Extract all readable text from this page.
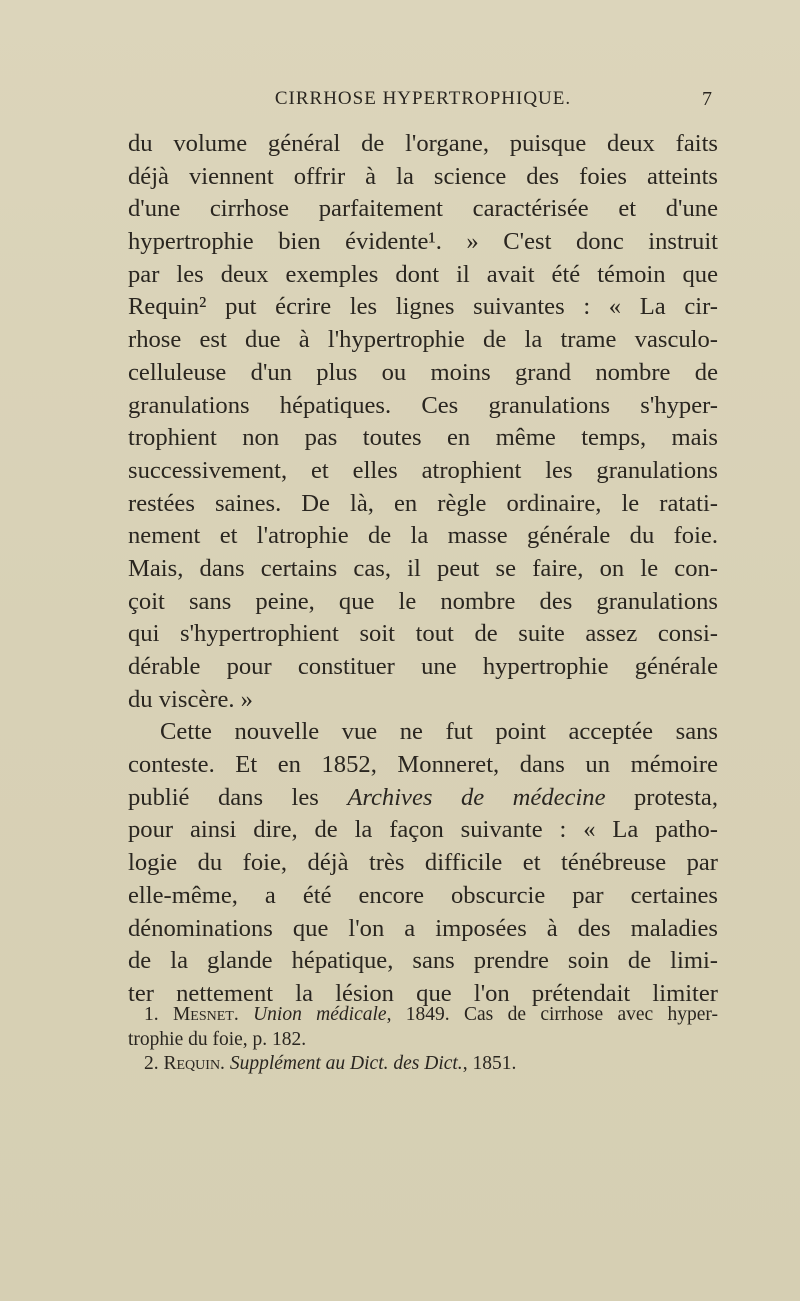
CIRRHOSE HYPERTROPHIQUE.	7
du volume général de l'organe, puisque deux faits
déjà viennent offrir à la science des foies atteints
d'une cirrhose parfaitement caractérisée et d'une
hypertrophie bien évidente¹. » C'est donc instruit
par les deux exemples dont il avait été témoin que
Requin² put écrire les lignes suivantes : « La cir-
rhose est due à l'hypertrophie de la trame vasculo-
celluleuse d'un plus ou moins grand nombre de
granulations hépatiques. Ces granulations s'hyper-
trophient non pas toutes en même temps, mais
successivement, et elles atrophient les granulations
restées saines. De là, en règle ordinaire, le ratati-
nement et l'atrophie de la masse générale du foie.
Mais, dans certains cas, il peut se faire, on le con-
çoit sans peine, que le nombre des granulations
qui s'hypertrophient soit tout de suite assez consi-
dérable pour constituer une hypertrophie générale
du viscère. »
Cette nouvelle vue ne fut point acceptée sans
conteste. Et en 1852, Monneret, dans un mémoire
publié dans les Archives de médecine protesta,
pour ainsi dire, de la façon suivante : « La patho-
logie du foie, déjà très difficile et ténébreuse par
elle-même, a été encore obscurcie par certaines
dénominations que l'on a imposées à des maladies
de la glande hépatique, sans prendre soin de limi-
ter nettement la lésion que l'on prétendait limiter
1. Mesnet. Union médicale, 1849. Cas de cirrhose avec hyper-
trophie du foie, p. 182.
2. Requin. Supplément au Dict. des Dict., 1851.
